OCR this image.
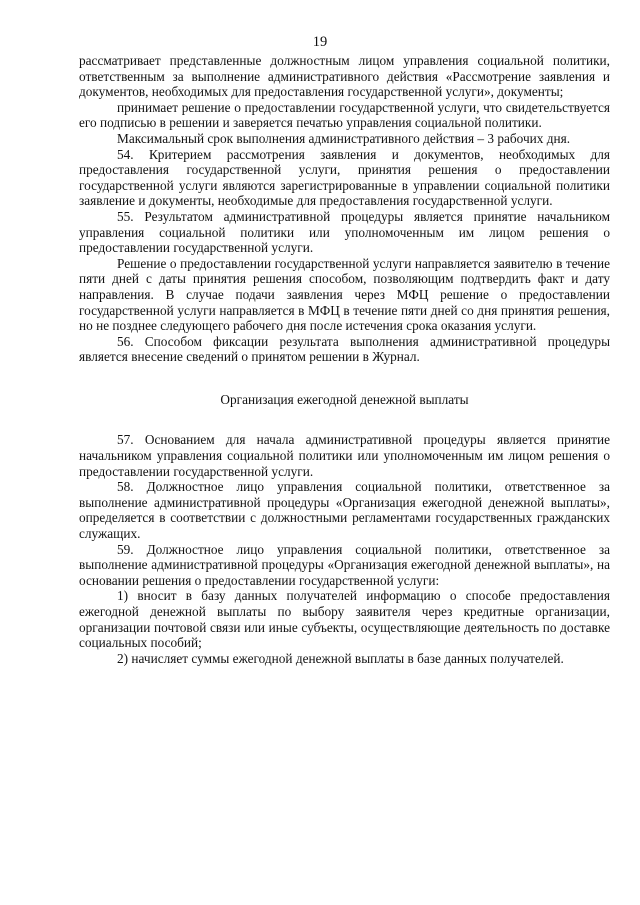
19

рассматривает представленные должностным лицом управления социальной политики, ответственным за выполнение административного действия «Рассмотрение заявления и документов, необходимых для предоставления государственной услуги», документы;

принимает решение о предоставлении государственной услуги, что свидетельствуется его подписью в решении и заверяется печатью управления социальной политики.

Максимальный срок выполнения административного действия – 3 рабочих дня.

54. Критерием рассмотрения заявления и документов, необходимых для предоставления государственной услуги, принятия решения о предоставлении государственной услуги являются зарегистрированные в управлении социальной политики заявление и документы, необходимые для предоставления государственной услуги.

55. Результатом административной процедуры является принятие начальником управления социальной политики или уполномоченным им лицом решения о предоставлении государственной услуги.

Решение о предоставлении государственной услуги направляется заявителю в течение пяти дней с даты принятия решения способом, позволяющим подтвердить факт и дату направления. В случае подачи заявления через МФЦ решение о предоставлении государственной услуги направляется в МФЦ в течение пяти дней со дня принятия решения, но не позднее следующего рабочего дня после истечения срока оказания услуги.

56. Способом фиксации результата выполнения административной процедуры является внесение сведений о принятом решении в Журнал.

Организация ежегодной денежной выплаты

57. Основанием для начала административной процедуры является принятие начальником управления социальной политики или уполномоченным им лицом решения о предоставлении государственной услуги.

58. Должностное лицо управления социальной политики, ответственное за выполнение административной процедуры «Организация ежегодной денежной выплаты», определяется в соответствии с должностными регламентами государственных гражданских служащих.

59. Должностное лицо управления социальной политики, ответственное за выполнение административной процедуры «Организация ежегодной денежной выплаты», на основании решения о предоставлении государственной услуги:

1) вносит в базу данных получателей информацию о способе предоставления ежегодной денежной выплаты по выбору заявителя через кредитные организации, организации почтовой связи или иные субъекты, осуществляющие деятельность по доставке социальных пособий;

2) начисляет суммы ежегодной денежной выплаты в базе данных получателей.
